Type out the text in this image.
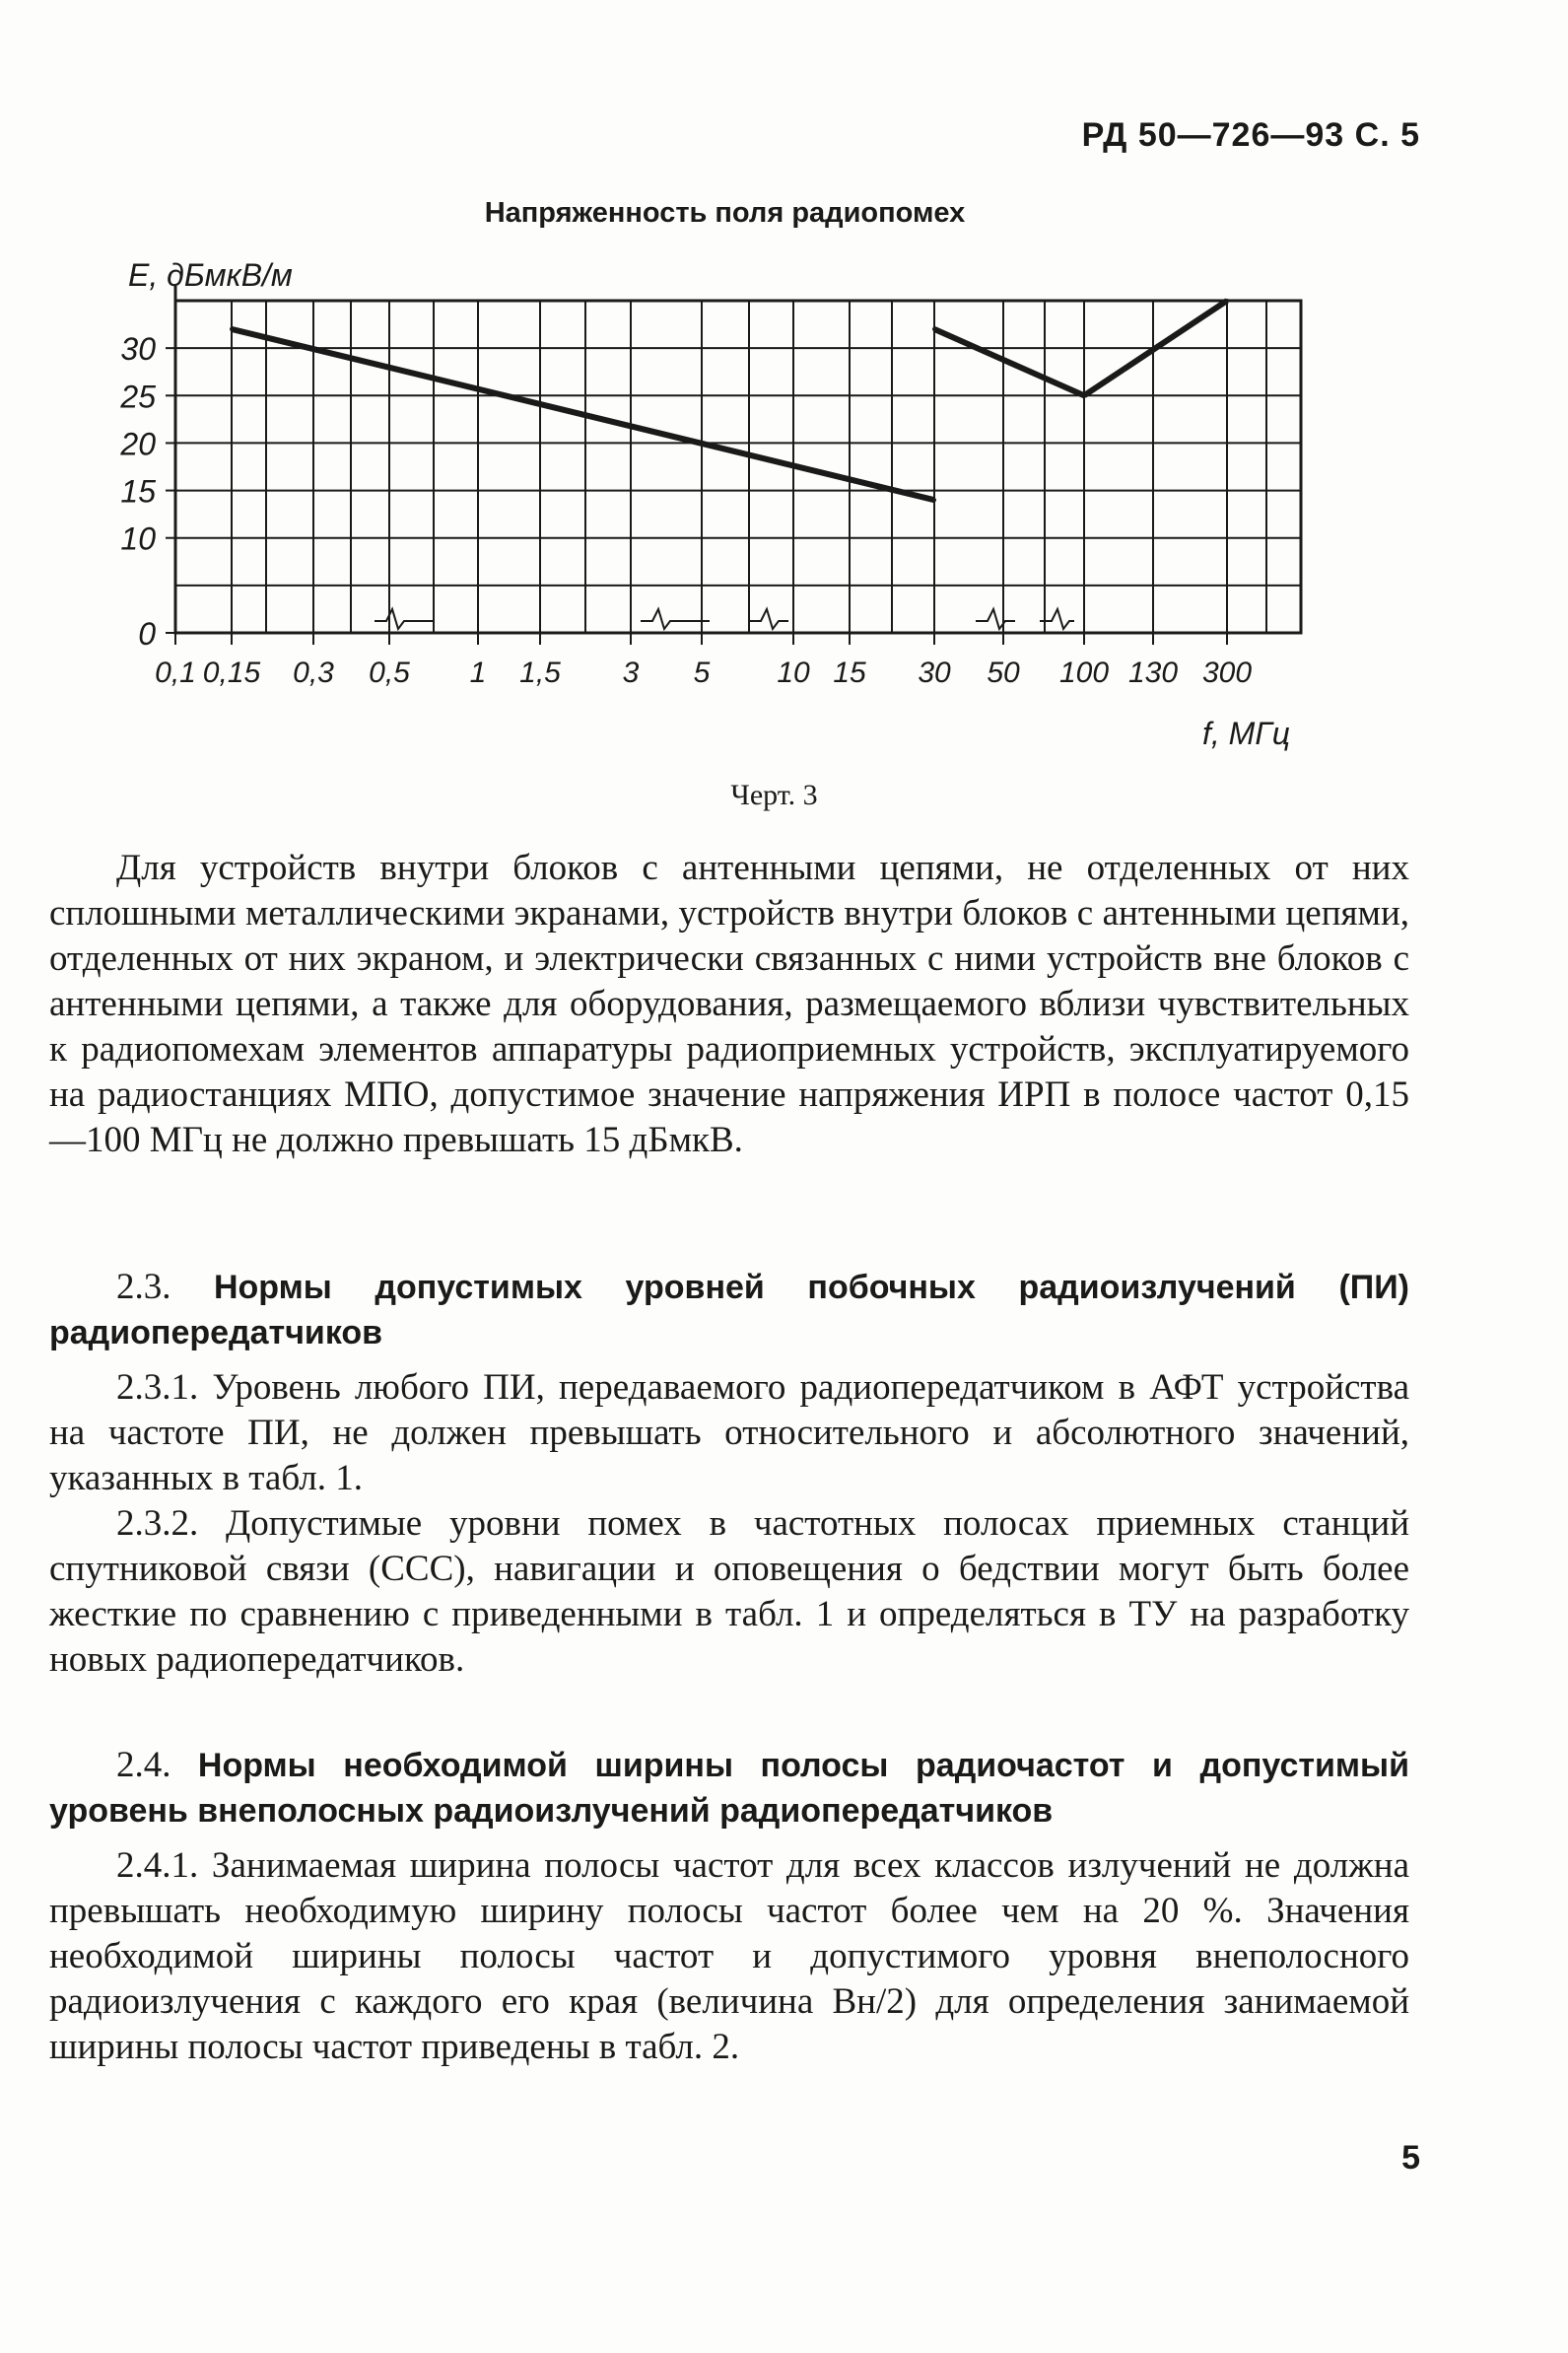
РД 50—726—93 С. 5
Напряженность поля радиопомех
E, дБмкВ/м
f, МГц
0
10
15
20
25
30
0,1 0,15 0,3 0,5 1 1,5 3 5 10 15 30 50 100 130 300
Черт. 3

Для устройств внутри блоков с антенными цепями, не отделенных от них сплошными металлическими экранами, устройств внутри блоков с антенными цепями, отделенных от них экраном, и электрически связанных с ними устройств вне блоков с антенными цепями, а также для оборудования, размещаемого вблизи чувствительных к радиопомехам элементов аппаратуры радиоприемных устройств, эксплуатируемого на радиостанциях МПО, допустимое значение напряжения ИРП в полосе частот 0,15—100 МГц не должно превышать 15 дБмкВ.

2.3. Нормы допустимых уровней побочных радиоизлучений (ПИ) радиопередатчиков

2.3.1. Уровень любого ПИ, передаваемого радиопередатчиком в АФТ устройства на частоте ПИ, не должен превышать относительного и абсолютного значений, указанных в табл. 1.

2.3.2. Допустимые уровни помех в частотных полосах приемных станций спутниковой связи (ССС), навигации и оповещения о бедствии могут быть более жесткие по сравнению с приведенными в табл. 1 и определяться в ТУ на разработку новых радиопередатчиков.

2.4. Нормы необходимой ширины полосы радиочастот и допустимый уровень внеполосных радиоизлучений радиопередатчиков

2.4.1. Занимаемая ширина полосы частот для всех классов излучений не должна превышать необходимую ширину полосы частот более чем на 20 %. Значения необходимой ширины полосы частот и допустимого уровня внеполосного радиоизлучения с каждого его края (величина Вн/2) для определения занимаемой ширины полосы частот приведены в табл. 2.

5
